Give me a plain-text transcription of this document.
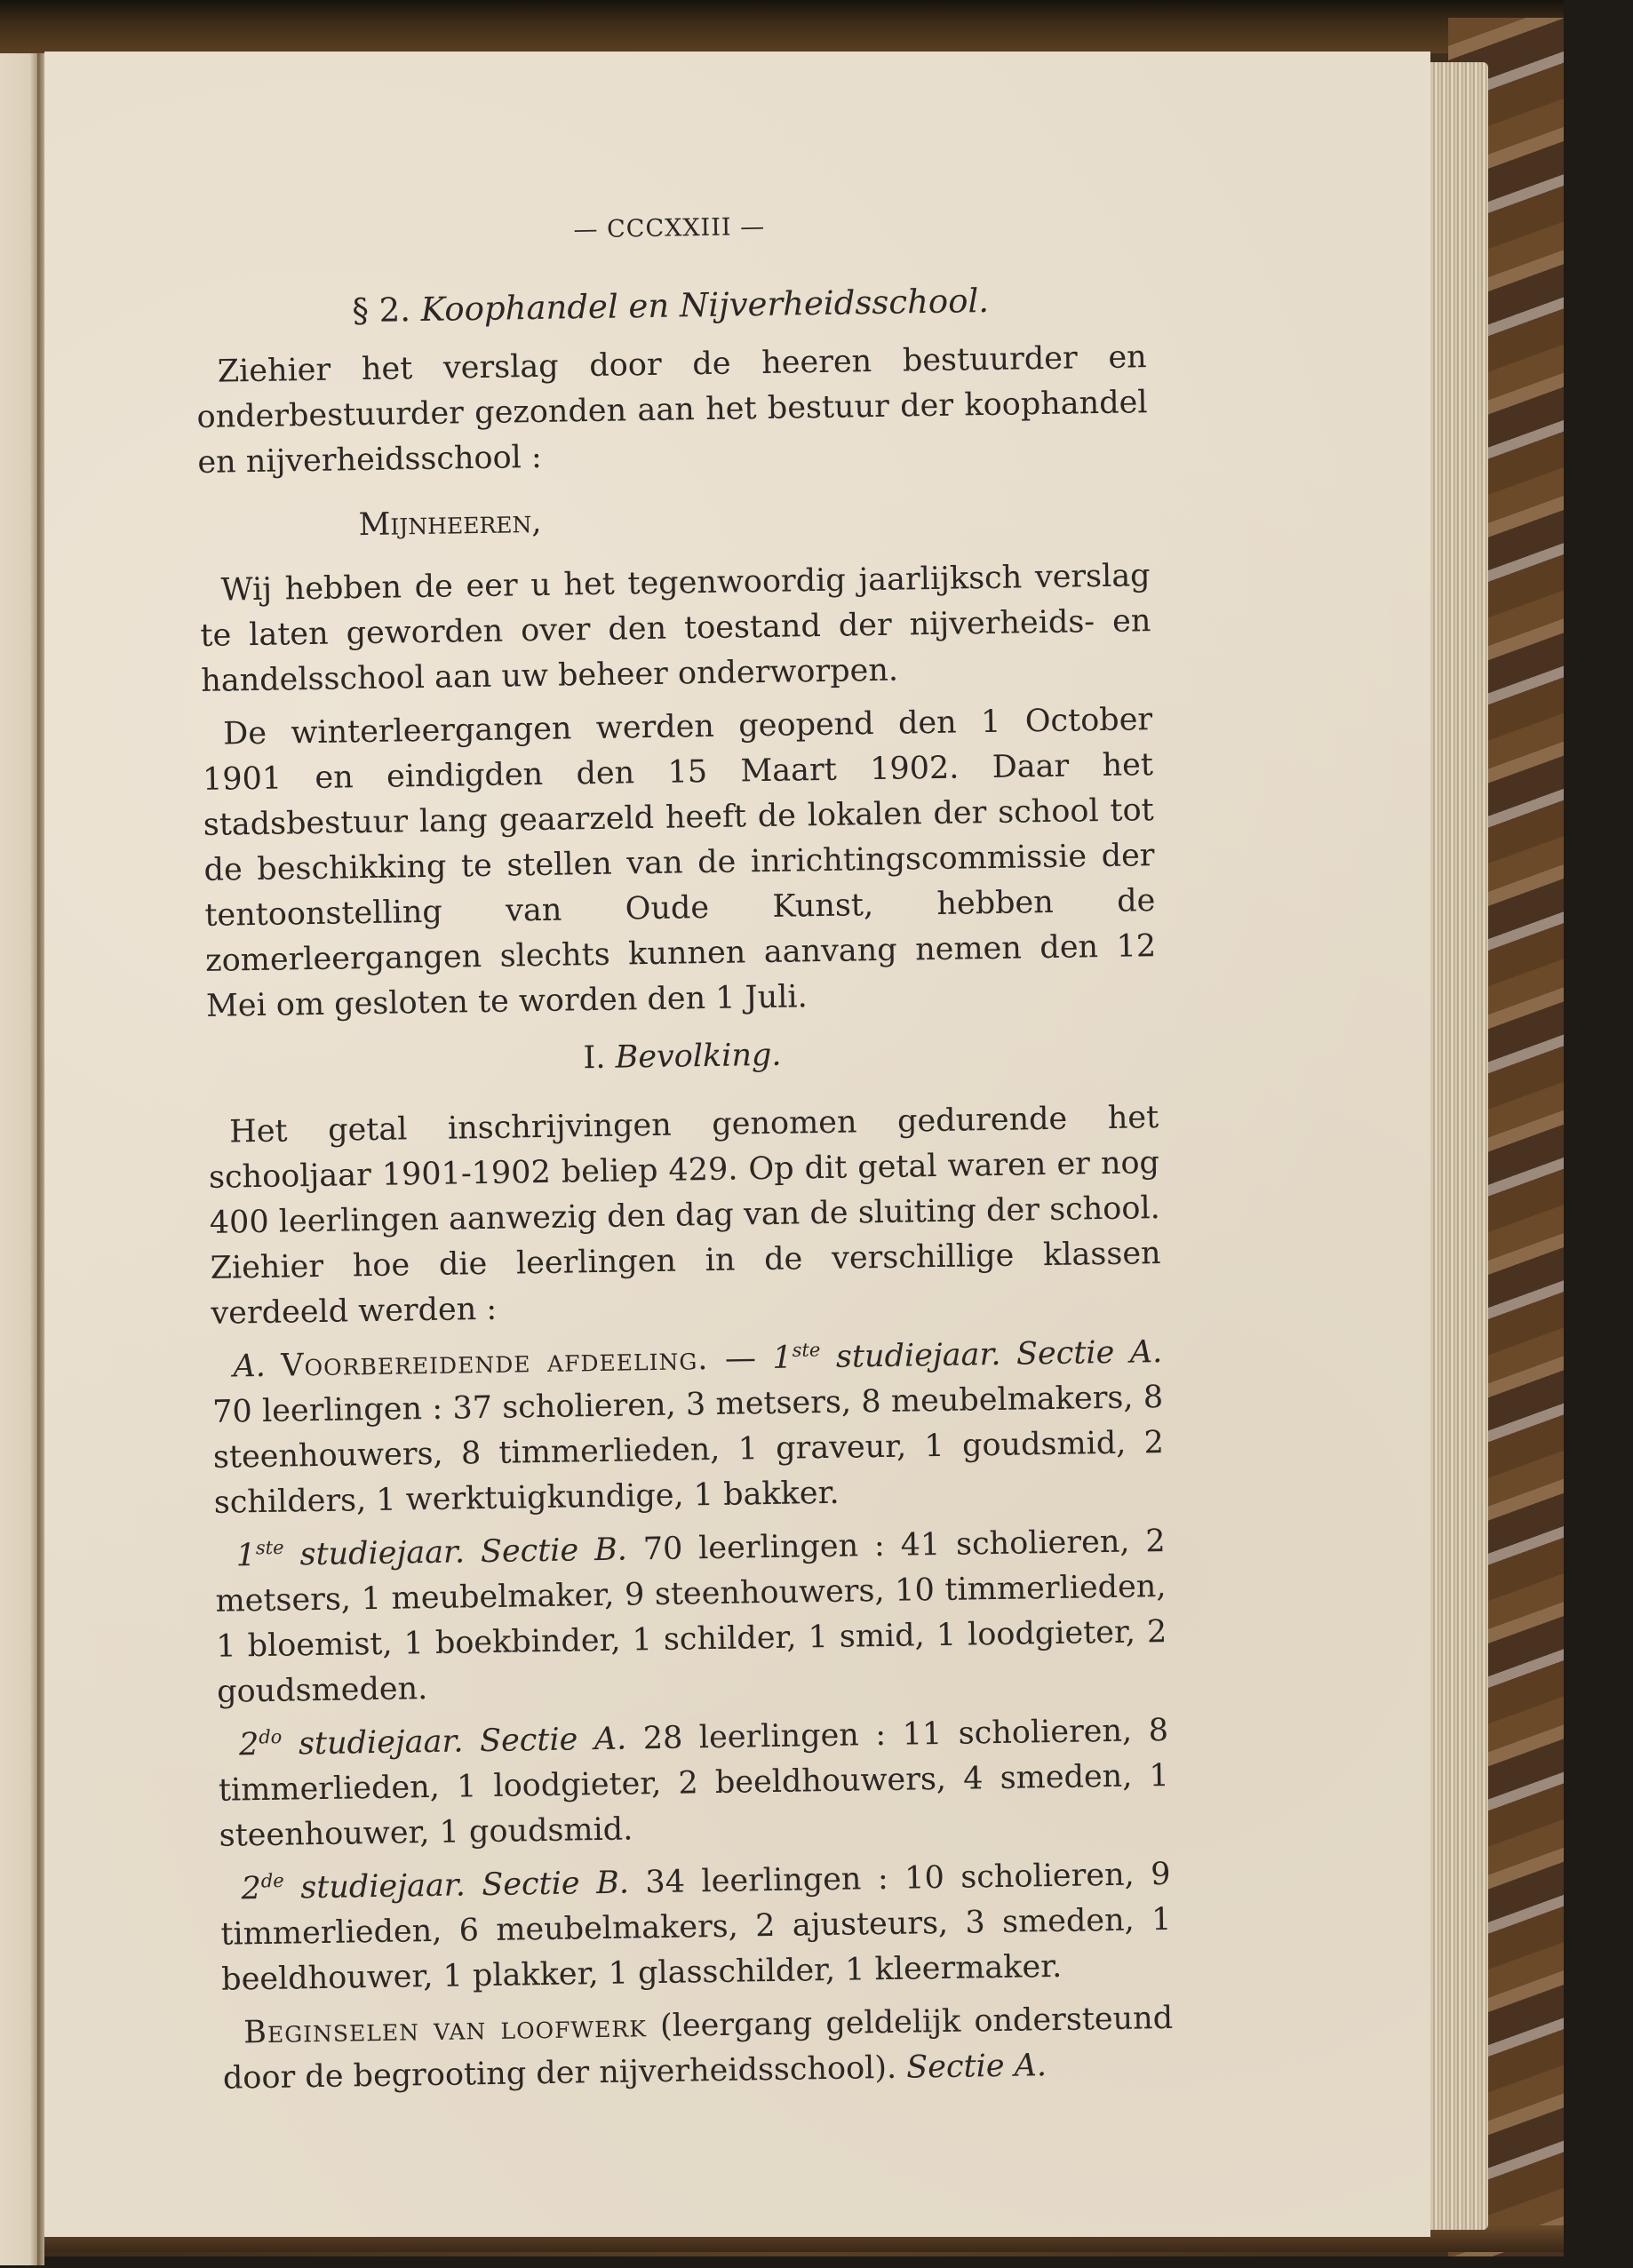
— CCCXXIII —
§ 2. Koophandel en Nijverheidsschool.

Ziehier het verslag door de heeren bestuurder en onderbestuurder gezonden aan het bestuur der koophandel en nijverheidsschool :

Mijnheeren,

Wij hebben de eer u het tegenwoordig jaarlijksch verslag te laten geworden over den toestand der nijverheids- en handelsschool aan uw beheer onderworpen.

De winterleergangen werden geopend den 1 October 1901 en eindigden den 15 Maart 1902. Daar het stadsbestuur lang geaarzeld heeft de lokalen der school tot de beschikking te stellen van de inrichtingscommissie der tentoonstelling van Oude Kunst, hebben de zomerleergangen slechts kunnen aanvang nemen den 12 Mei om gesloten te worden den 1 Juli.

I. Bevolking.

Het getal inschrijvingen genomen gedurende het schooljaar 1901-1902 beliep 429. Op dit getal waren er nog 400 leerlingen aanwezig den dag van de sluiting der school. Ziehier hoe die leerlingen in de verschillige klassen verdeeld werden :

A. Voorbereidende afdeeling. — 1ste studiejaar. Sectie A. 70 leerlingen : 37 scholieren, 3 metsers, 8 meubelmakers, 8 steenhouwers, 8 timmerlieden, 1 graveur, 1 goudsmid, 2 schilders, 1 werktuigkundige, 1 bakker.

1ste studiejaar. Sectie B. 70 leerlingen : 41 scholieren, 2 metsers, 1 meubelmaker, 9 steenhouwers, 10 timmerlieden, 1 bloemist, 1 boekbinder, 1 schilder, 1 smid, 1 loodgieter, 2 goudsmeden.

$2^{do}$ studiejaar. Sectie A. 28 leerlingen : 11 scholieren, 8 timmerlieden, 1 loodgieter, 2 beeldhouwers, 4 smeden, 1 steenhouwer, 1 goudsmid.

2de studiejaar. Sectie B. 34 leerlingen : 10 scholieren, 9 timmerlieden, 6 meubelmakers, 2 ajusteurs, 3 smeden, 1 beeldhouwer, 1 plakker, 1 glasschilder, 1 kleermaker.

Beginselen van loofwerk (leergang geldelijk ondersteund door de begrooting der nijverheidsschool). Sectie A.
